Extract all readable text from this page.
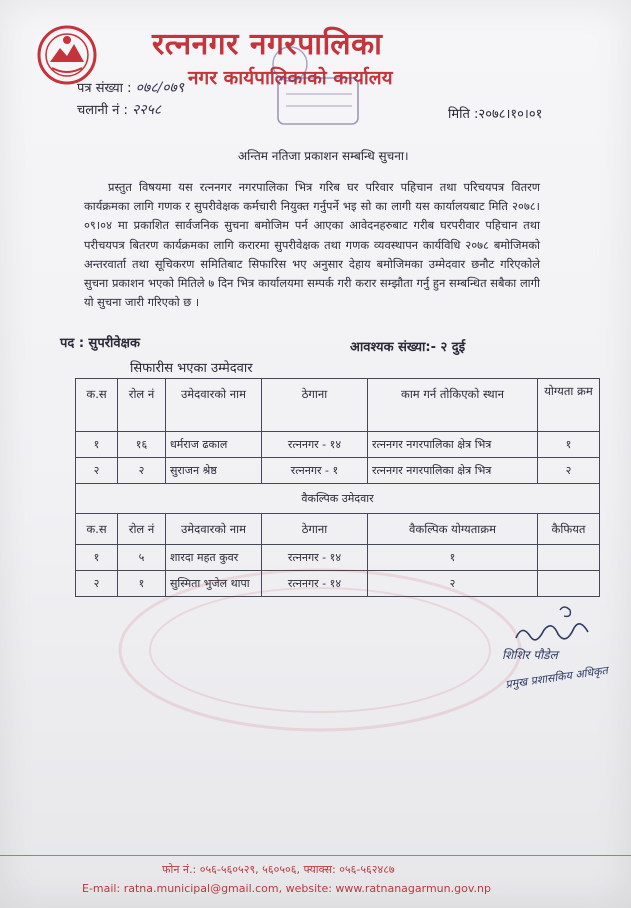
रत्ननगर नगरपालिका
नगर कार्यपालिकाको कार्यालय
पत्र संख्या : ०७८/०७९
चलानी नं : २२५८	मिति :२०७८।१०।०१
अन्तिम नतिजा प्रकाशन सम्बन्धि सुचना।
प्रस्तुत विषयमा यस रत्ननगर नगरपालिका भित्र गरिब घर परिवार पहिचान तथा परिचयपत्र वितरण कार्यक्रमका लागि गणक र सुपरीवेक्षक कर्मचारी नियुक्त गर्नुपर्ने भइ सो का लागी यस कार्यालयबाट मिति २०७८।०९।०४ मा प्रकाशित सार्वजनिक सुचना बमोजिम पर्न आएका आवेदनहरुबाट गरीब घरपरीवार पहिचान तथा परीचयपत्र बितरण कार्यक्रमका लागि करारमा सुपरीवेक्षक तथा गणक व्यवस्थापन कार्यविधि २०७८ बमोजिमको अन्तरवार्ता तथा सूचिकरण समितिबाट सिफारिस भए अनुसार देहाय बमोजिमका उम्मेदवार छनौट गरिएकोले सुचना प्रकाशन भएको मितिले ७ दिन भित्र कार्यालयमा सम्पर्क गरी करार सम्झौता गर्नु हुन सम्बन्धित सबैका लागी यो सुचना जारी गरिएको छ ।
पद : सुपरीवेक्षक	आवश्यक संख्या:- २ दुई
सिफारीस भएका उम्मेदवार
क.स	रोल नं	उमेदवारको नाम	ठेगाना	काम गर्न तोकिएको स्थान	योग्यता क्रम
१	१६	धर्मराज ढकाल	रत्ननगर - १४	रत्ननगर नगरपालिका क्षेत्र भित्र	१
२	२	सुराजन श्रेष्ठ	रत्ननगर - १	रत्ननगर नगरपालिका क्षेत्र भित्र	२
वैकल्पिक उमेदवार					
क.स	रोल नं	उमेदवारको नाम	ठेगाना	वैकल्पिक योग्यताक्रम	कैफियत
१	५	शारदा महत कुवर	रत्ननगर - १४	१	
२	१	सुस्मिता भुजेल थापा	रत्ननगर - १४	२	
शिशिर पौडेल
प्रमुख प्रशासकिय अधिकृत
फोन नं.: ०५६-५६०५२९, ५६०५०६, फ्याक्स: ०५६-५६२४८७
E-mail: ratna.municipal@gmail.com, website: www.ratnanagarmun.gov.np
